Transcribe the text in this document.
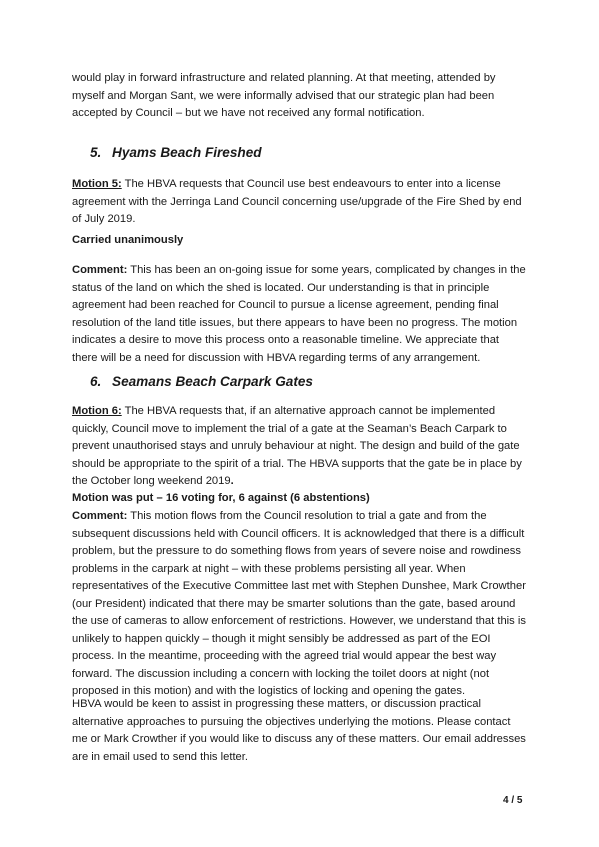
would play in forward infrastructure and related planning. At that meeting, attended by myself and Morgan Sant, we were informally advised that our strategic plan had been accepted by Council – but we have not received any formal notification.

5. Hyams Beach Fireshed

Motion 5: The HBVA requests that Council use best endeavours to enter into a license agreement with the Jerringa Land Council concerning use/upgrade of the Fire Shed by end of July 2019.

Carried unanimously

Comment: This has been an on-going issue for some years, complicated by changes in the status of the land on which the shed is located. Our understanding is that in principle agreement had been reached for Council to pursue a license agreement, pending final resolution of the land title issues, but there appears to have been no progress. The motion indicates a desire to move this process onto a reasonable timeline. We appreciate that there will be a need for discussion with HBVA regarding terms of any arrangement.

6. Seamans Beach Carpark Gates

Motion 6: The HBVA requests that, if an alternative approach cannot be implemented quickly, Council move to implement the trial of a gate at the Seaman’s Beach Carpark to prevent unauthorised stays and unruly behaviour at night. The design and build of the gate should be appropriate to the spirit of a trial. The HBVA supports that the gate be in place by the October long weekend 2019.

Motion was put – 16 voting for, 6 against (6 abstentions)

Comment: This motion flows from the Council resolution to trial a gate and from the subsequent discussions held with Council officers. It is acknowledged that there is a difficult problem, but the pressure to do something flows from years of severe noise and rowdiness problems in the carpark at night – with these problems persisting all year. When representatives of the Executive Committee last met with Stephen Dunshee, Mark Crowther (our President) indicated that there may be smarter solutions than the gate, based around the use of cameras to allow enforcement of restrictions. However, we understand that this is unlikely to happen quickly – though it might sensibly be addressed as part of the EOI process. In the meantime, proceeding with the agreed trial would appear the best way forward. The discussion including a concern with locking the toilet doors at night (not proposed in this motion) and with the logistics of locking and opening the gates.

HBVA would be keen to assist in progressing these matters, or discussion practical alternative approaches to pursuing the objectives underlying the motions. Please contact me or Mark Crowther if you would like to discuss any of these matters. Our email addresses are in email used to send this letter.

4 / 5
